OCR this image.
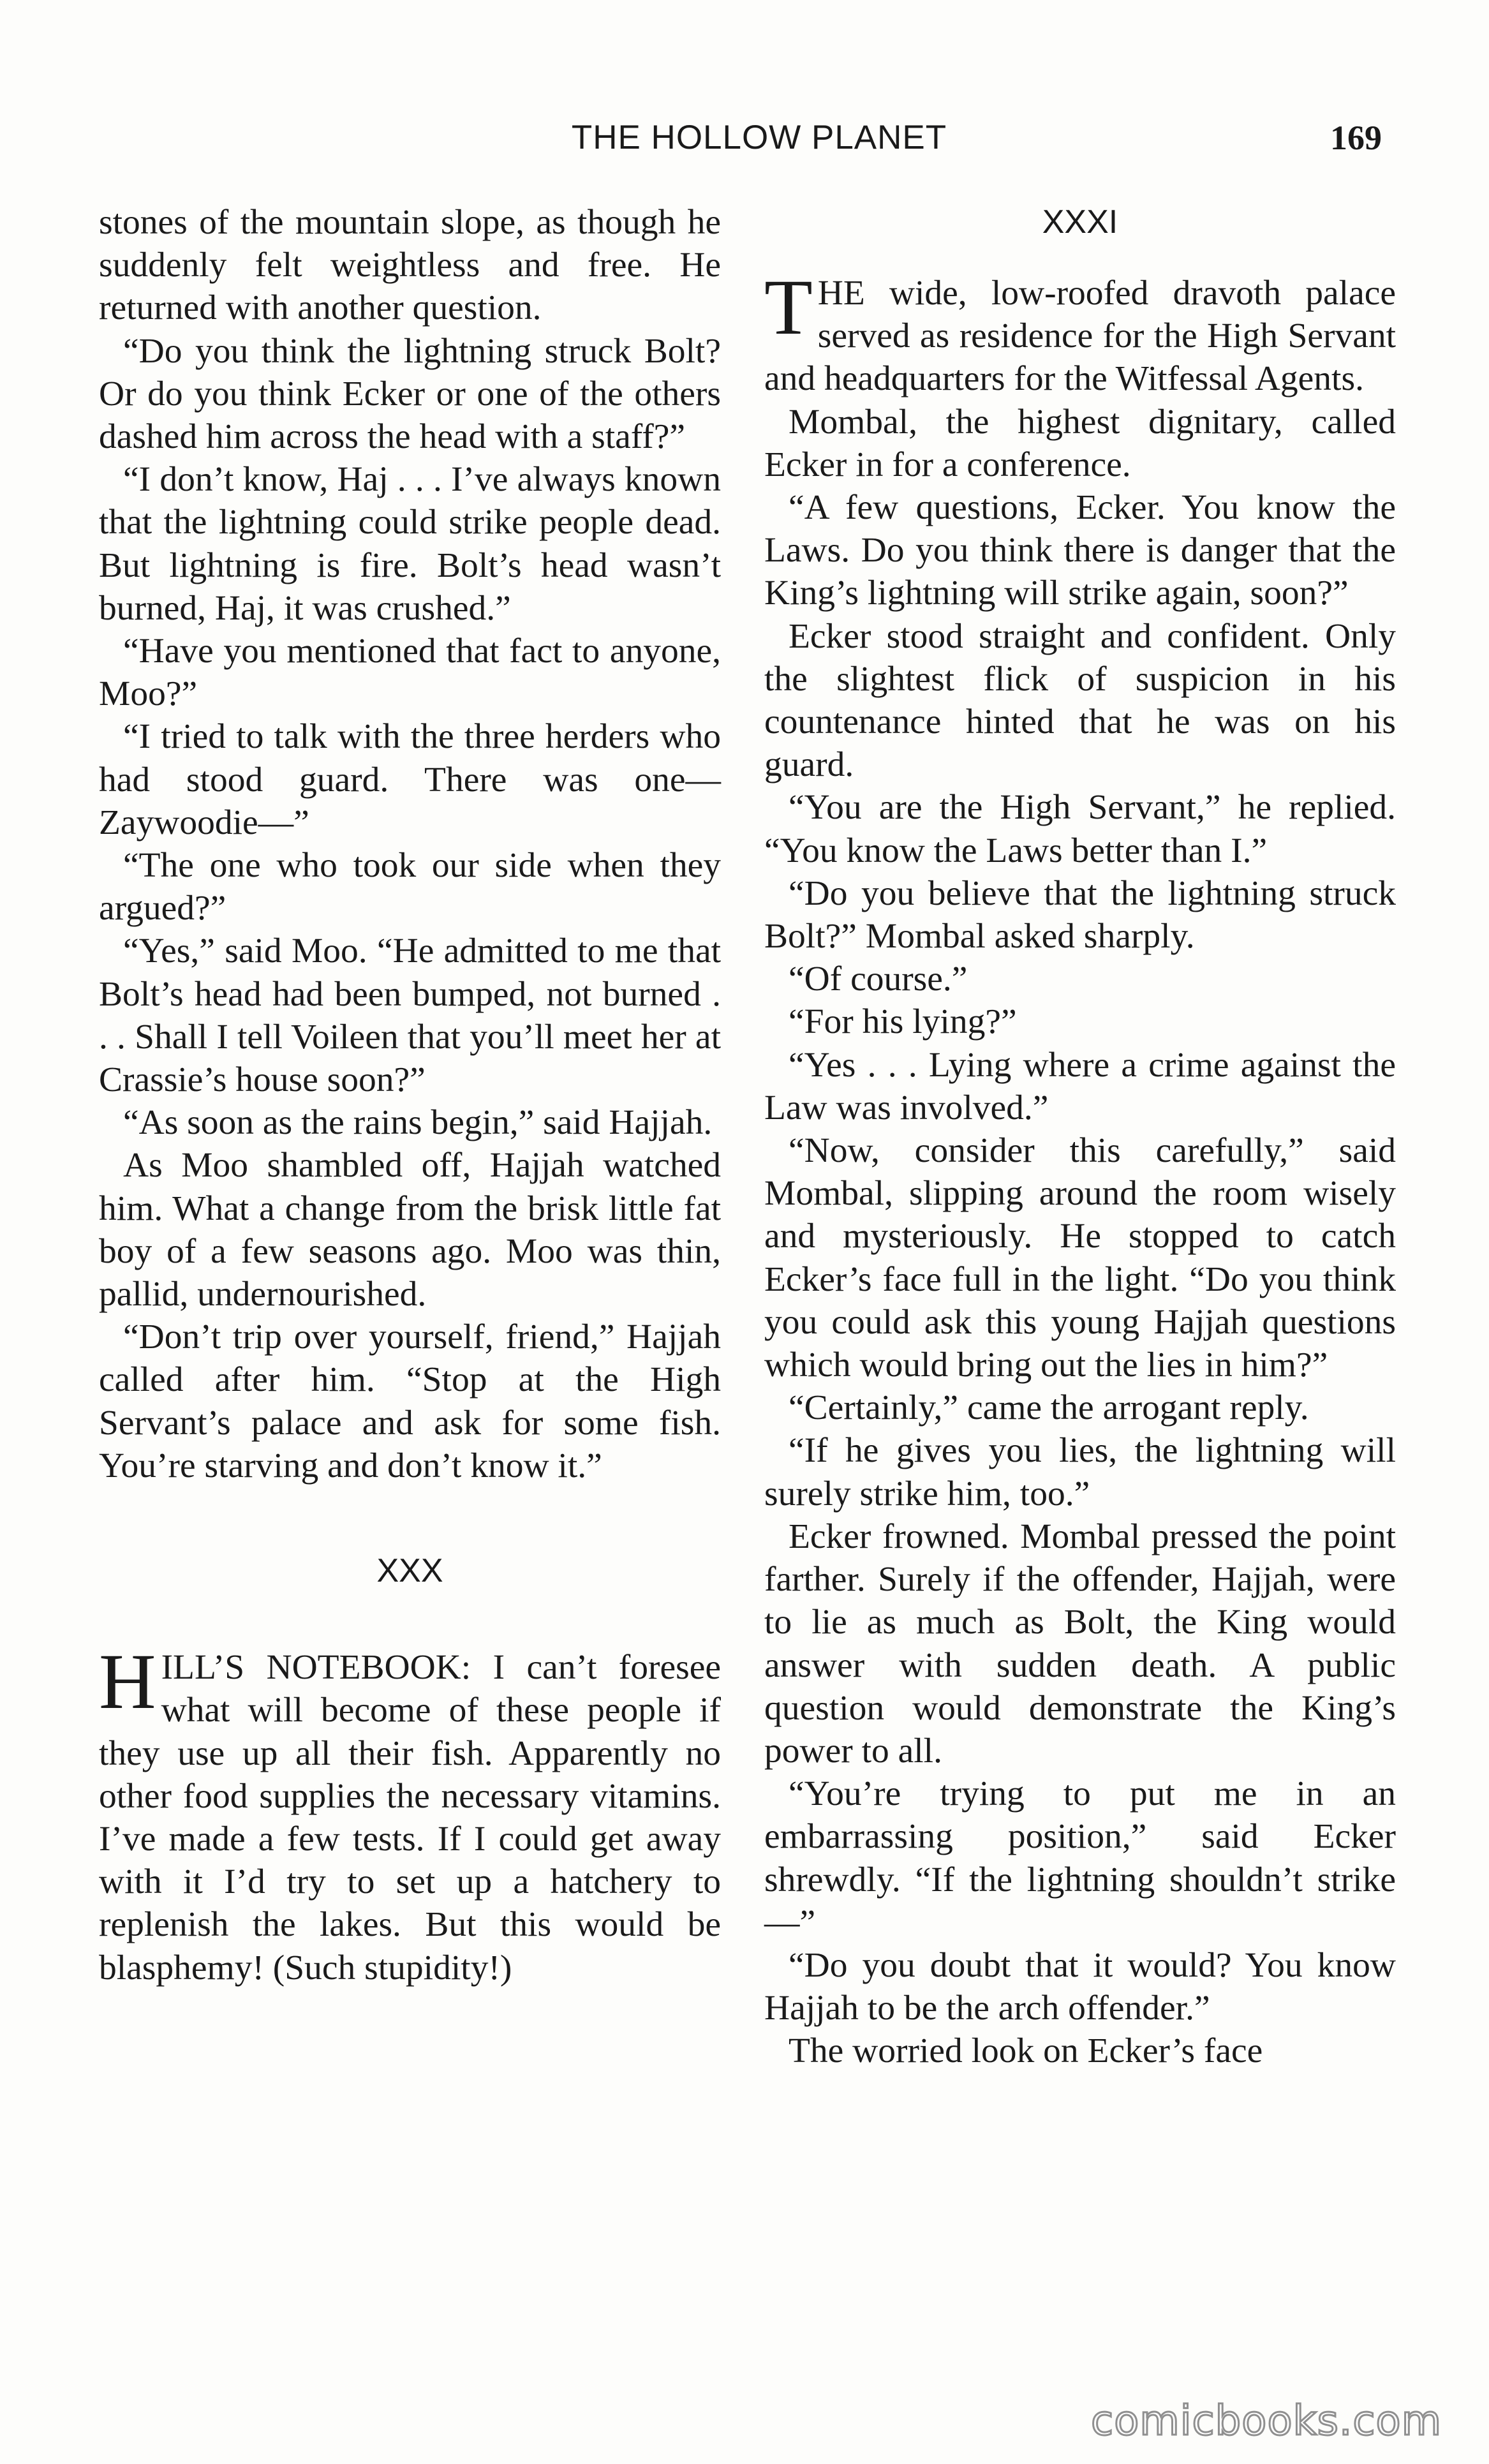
THE HOLLOW PLANET	169

stones of the mountain slope, as though he suddenly felt weightless and free. He returned with another question.

“Do you think the lightning struck Bolt? Or do you think Ecker or one of the others dashed him across the head with a staff?”

“I don’t know, Haj . . . I’ve always known that the lightning could strike people dead. But lightning is fire. Bolt’s head wasn’t burned, Haj, it was crushed.”

“Have you mentioned that fact to anyone, Moo?”

“I tried to talk with the three herders who had stood guard. There was one—Zaywoodie—”

“The one who took our side when they argued?”

“Yes,” said Moo. “He admitted to me that Bolt’s head had been bumped, not burned . . . Shall I tell Voileen that you’ll meet her at Crassie’s house soon?”

“As soon as the rains begin,” said Hajjah.

As Moo shambled off, Hajjah watched him. What a change from the brisk little fat boy of a few seasons ago. Moo was thin, pallid, undernourished.

“Don’t trip over yourself, friend,” Hajjah called after him. “Stop at the High Servant’s palace and ask for some fish. You’re starving and don’t know it.”

XXX

HILL’S NOTEBOOK: I can’t foresee what will become of these people if they use up all their fish. Apparently no other food supplies the necessary vitamins. I’ve made a few tests. If I could get away with it I’d try to set up a hatchery to replenish the lakes. But this would be blasphemy! (Such stupidity!)

XXXI

THE wide, low-roofed dravoth palace served as residence for the High Servant and headquarters for the Witfessal Agents.

Mombal, the highest dignitary, called Ecker in for a conference.

“A few questions, Ecker. You know the Laws. Do you think there is danger that the King’s lightning will strike again, soon?”

Ecker stood straight and confident. Only the slightest flick of suspicion in his countenance hinted that he was on his guard.

“You are the High Servant,” he replied. “You know the Laws better than I.”

“Do you believe that the lightning struck Bolt?” Mombal asked sharply.

“Of course.”

“For his lying?”

“Yes . . . Lying where a crime against the Law was involved.”

“Now, consider this carefully,” said Mombal, slipping around the room wisely and mysteriously. He stopped to catch Ecker’s face full in the light. “Do you think you could ask this young Hajjah questions which would bring out the lies in him?”

“Certainly,” came the arrogant reply.

“If he gives you lies, the lightning will surely strike him, too.”

Ecker frowned. Mombal pressed the point farther. Surely if the offender, Hajjah, were to lie as much as Bolt, the King would answer with sudden death. A public question would demonstrate the King’s power to all.

“You’re trying to put me in an embarrassing position,” said Ecker shrewdly. “If the lightning shouldn’t strike—”

“Do you doubt that it would? You know Hajjah to be the arch offender.”

The worried look on Ecker’s face

comicbooks.com
